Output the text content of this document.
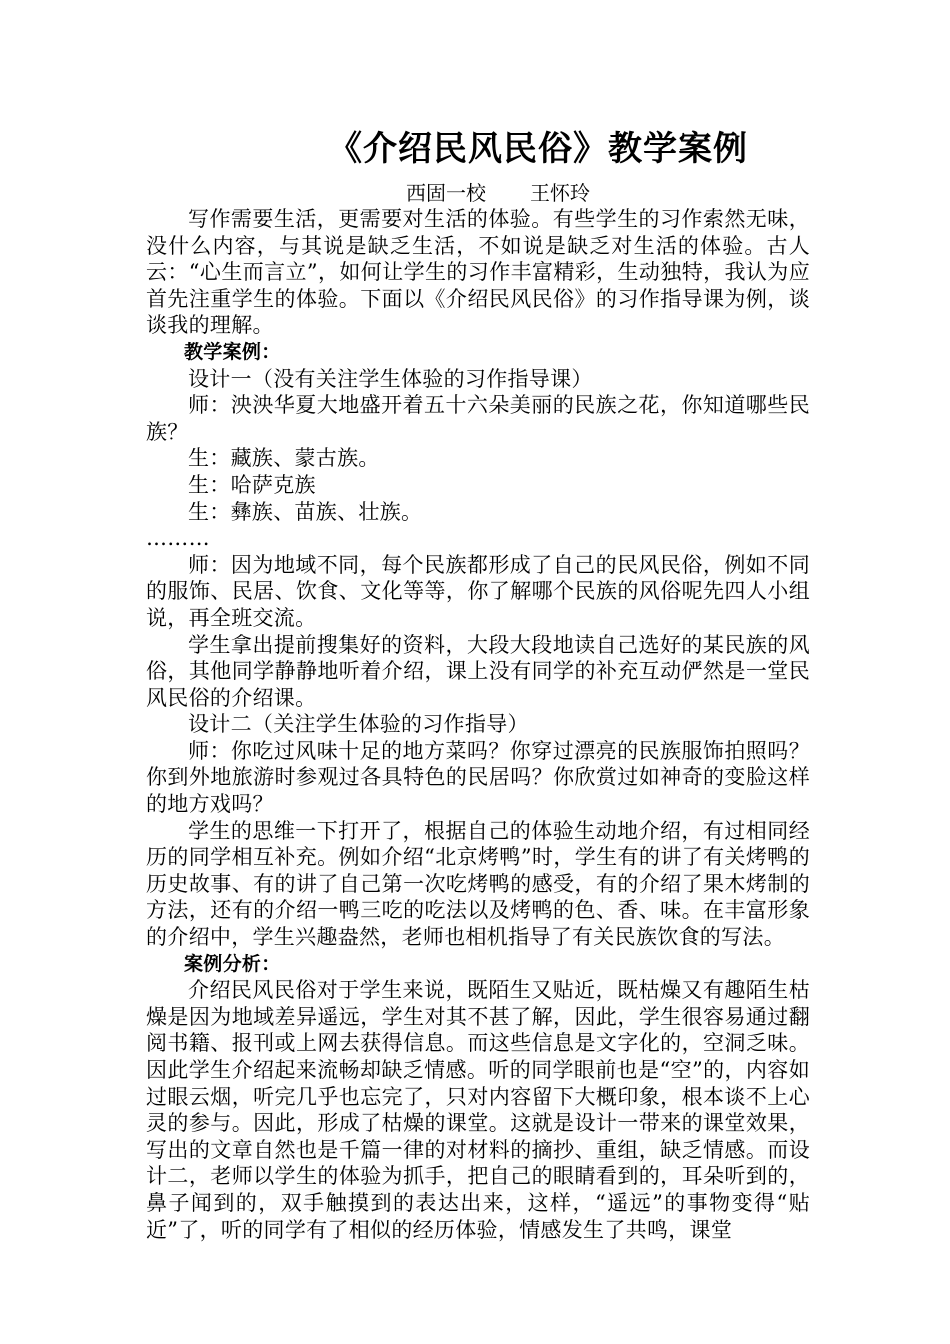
《介绍民风民俗》教学案例
西固一校 王怀玲

写作需要生活，更需要对生活的体验。有些学生的习作索然无味，没什么内容，与其说是缺乏生活，不如说是缺乏对生活的体验。古人云：“心生而言立”，如何让学生的习作丰富精彩，生动独特，我认为应首先注重学生的体验。下面以《介绍民风民俗》的习作指导课为例，谈谈我的理解。

教学案例：

设计一（没有关注学生体验的习作指导课）

师：泱泱华夏大地盛开着五十六朵美丽的民族之花，你知道哪些民族？

生：藏族、蒙古族。

生：哈萨克族

生：彝族、苗族、壮族。

………

师：因为地域不同，每个民族都形成了自己的民风民俗，例如不同的服饰、民居、饮食、文化等等，你了解哪个民族的风俗呢先四人小组说，再全班交流。

学生拿出提前搜集好的资料，大段大段地读自己选好的某民族的风俗，其他同学静静地听着介绍，课上没有同学的补充互动俨然是一堂民风民俗的介绍课。

设计二（关注学生体验的习作指导）

师：你吃过风味十足的地方菜吗？你穿过漂亮的民族服饰拍照吗？你到外地旅游时参观过各具特色的民居吗？你欣赏过如神奇的变脸这样的地方戏吗？

学生的思维一下打开了，根据自己的体验生动地介绍，有过相同经历的同学相互补充。例如介绍“北京烤鸭”时，学生有的讲了有关烤鸭的历史故事、有的讲了自己第一次吃烤鸭的感受，有的介绍了果木烤制的方法，还有的介绍一鸭三吃的吃法以及烤鸭的色、香、味。在丰富形象的介绍中，学生兴趣盎然，老师也相机指导了有关民族饮食的写法。

案例分析：

介绍民风民俗对于学生来说，既陌生又贴近，既枯燥又有趣陌生枯燥是因为地域差异遥远，学生对其不甚了解，因此，学生很容易通过翻阅书籍、报刊或上网去获得信息。而这些信息是文字化的，空洞乏味。因此学生介绍起来流畅却缺乏情感。听的同学眼前也是“空”的，内容如过眼云烟，听完几乎也忘完了，只对内容留下大概印象，根本谈不上心灵的参与。因此，形成了枯燥的课堂。这就是设计一带来的课堂效果，写出的文章自然也是千篇一律的对材料的摘抄、重组，缺乏情感。而设计二，老师以学生的体验为抓手，把自己的眼睛看到的，耳朵听到的，鼻子闻到的，双手触摸到的表达出来，这样，“遥远”的事物变得“贴近”了，听的同学有了相似的经历体验，情感发生了共鸣，课堂
